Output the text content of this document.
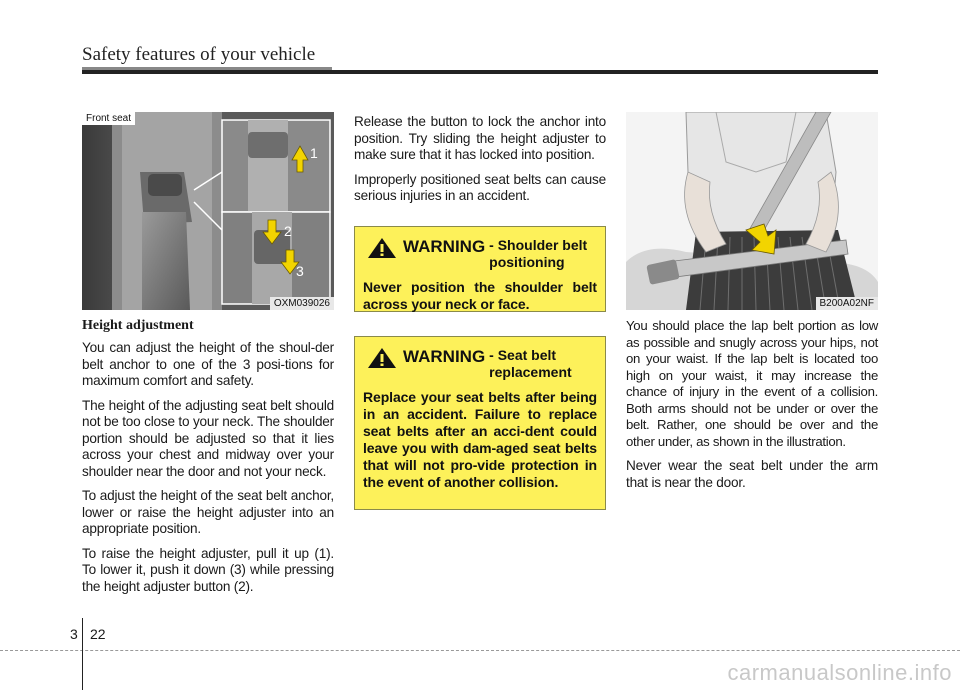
Safety features of your vehicle
Front seat
1
2
3
OXM039026
Height adjustment

You can adjust the height of the shoul-der belt anchor to one of the 3 posi-tions for maximum comfort and safety.

The height of the adjusting seat belt should not be too close to your neck. The shoulder portion should be adjusted so that it lies across your chest and midway over your shoulder near the door and not your neck.

To adjust the height of the seat belt anchor, lower or raise the height adjuster into an appropriate position.

To raise the height adjuster, pull it up (1). To lower it, push it down (3) while pressing the height adjuster button (2).

Release the button to lock the anchor into position. Try sliding the height adjuster to make sure that it has locked into position.

Improperly positioned seat belts can cause serious injuries in an accident.

WARNING - Shoulder belt positioning
Never position the shoulder belt across your neck or face.
WARNING - Seat belt replacement
Replace your seat belts after being in an accident. Failure to replace seat belts after an acci-dent could leave you with dam-aged seat belts that will not pro-vide protection in the event of another collision.
B200A02NF

You should place the lap belt portion as low as possible and snugly across your hips, not on your waist. If the lap belt is located too high on your waist, it may increase the chance of injury in the event of a collision. Both arms should not be under or over the belt. Rather, one should be over and the other under, as shown in the illustration.

Never wear the seat belt under the arm that is near the door.

3 22
carmanualsonline.info
